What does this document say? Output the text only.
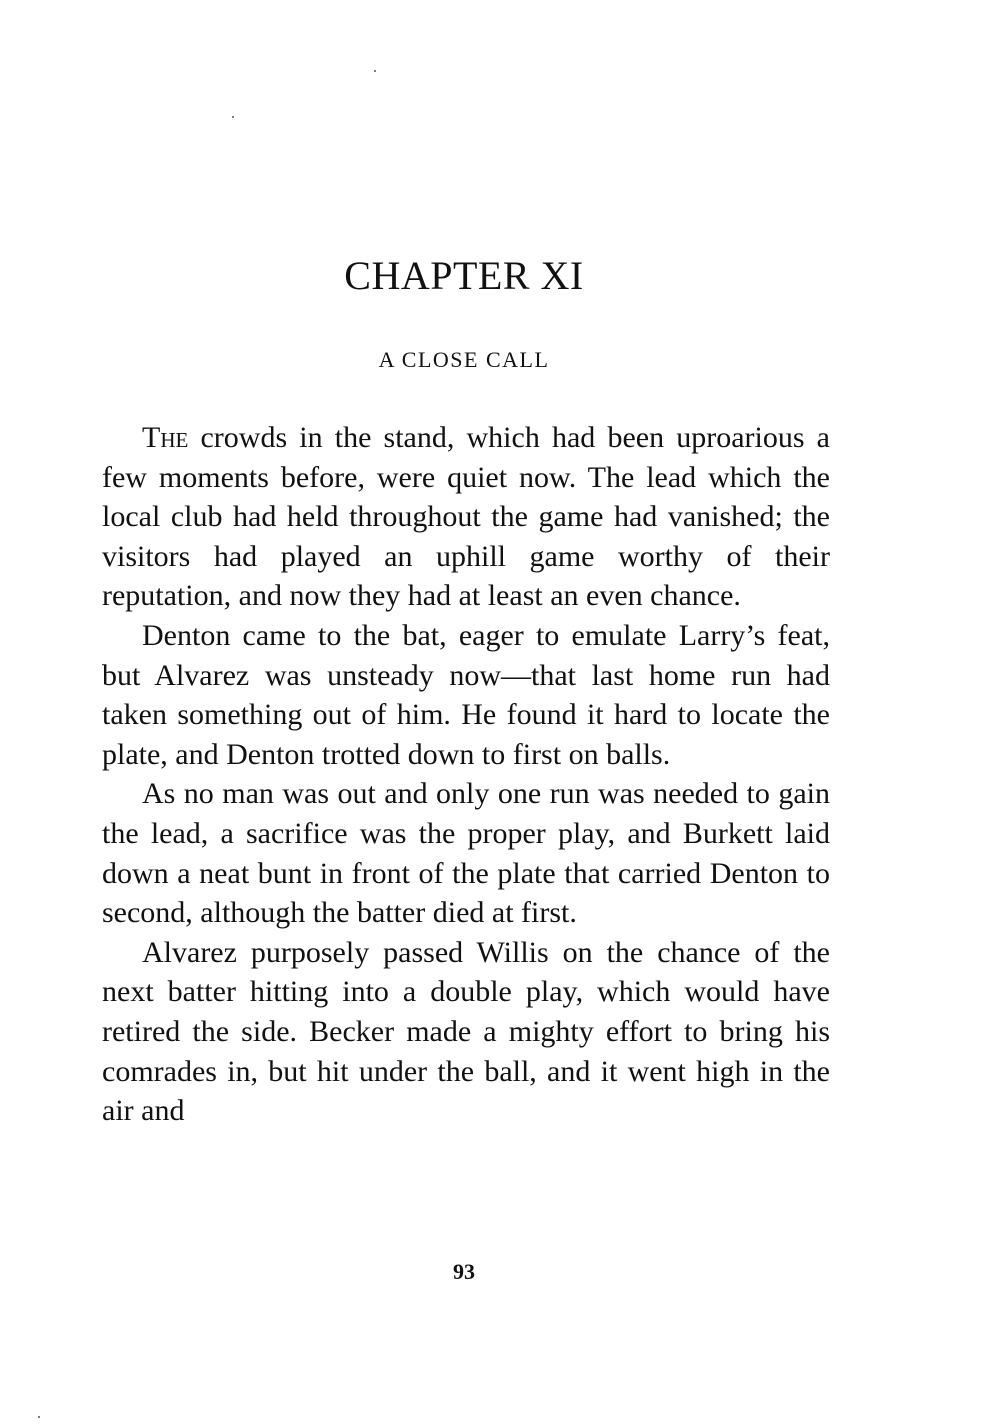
CHAPTER XI
A CLOSE CALL

The crowds in the stand, which had been uproarious a few moments before, were quiet now. The lead which the local club had held throughout the game had vanished; the visitors had played an uphill game worthy of their reputation, and now they had at least an even chance.

Denton came to the bat, eager to emulate Larry’s feat, but Alvarez was unsteady now—that last home run had taken something out of him. He found it hard to locate the plate, and Denton trotted down to first on balls.

As no man was out and only one run was needed to gain the lead, a sacrifice was the proper play, and Burkett laid down a neat bunt in front of the plate that carried Denton to second, although the batter died at first.

Alvarez purposely passed Willis on the chance of the next batter hitting into a double play, which would have retired the side. Becker made a mighty effort to bring his comrades in, but hit under the ball, and it went high in the air and

93
